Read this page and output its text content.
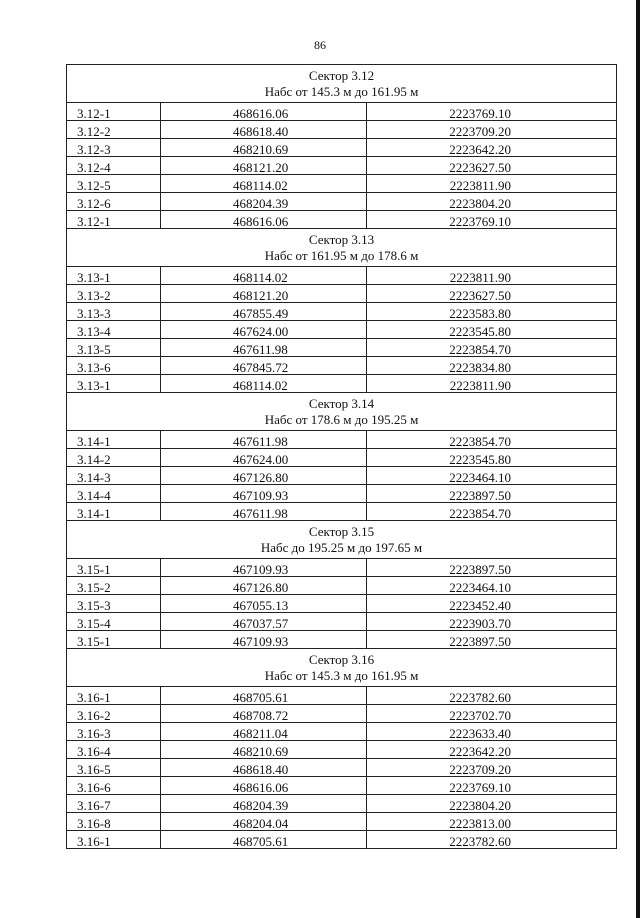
86
Сектор 3.12
Набс от 145.3 м до 161.95 м		

3.12-1	468616.06	2223769.10
3.12-2	468618.40	2223709.20
3.12-3	468210.69	2223642.20
3.12-4	468121.20	2223627.50
3.12-5	468114.02	2223811.90
3.12-6	468204.39	2223804.20
3.12-1	468616.06	2223769.10

Сектор 3.13
Набс от 161.95 м до 178.6 м		

3.13-1	468114.02	2223811.90
3.13-2	468121.20	2223627.50
3.13-3	467855.49	2223583.80
3.13-4	467624.00	2223545.80
3.13-5	467611.98	2223854.70
3.13-6	467845.72	2223834.80
3.13-1	468114.02	2223811.90

Сектор 3.14
Набс от 178.6 м до 195.25 м		

3.14-1	467611.98	2223854.70
3.14-2	467624.00	2223545.80
3.14-3	467126.80	2223464.10
3.14-4	467109.93	2223897.50
3.14-1	467611.98	2223854.70

Сектор 3.15
Набс до 195.25 м до 197.65 м		

3.15-1	467109.93	2223897.50
3.15-2	467126.80	2223464.10
3.15-3	467055.13	2223452.40
3.15-4	467037.57	2223903.70
3.15-1	467109.93	2223897.50

Сектор 3.16
Набс от 145.3 м до 161.95 м		

3.16-1	468705.61	2223782.60
3.16-2	468708.72	2223702.70
3.16-3	468211.04	2223633.40
3.16-4	468210.69	2223642.20
3.16-5	468618.40	2223709.20
3.16-6	468616.06	2223769.10
3.16-7	468204.39	2223804.20
3.16-8	468204.04	2223813.00
3.16-1	468705.61	2223782.60
